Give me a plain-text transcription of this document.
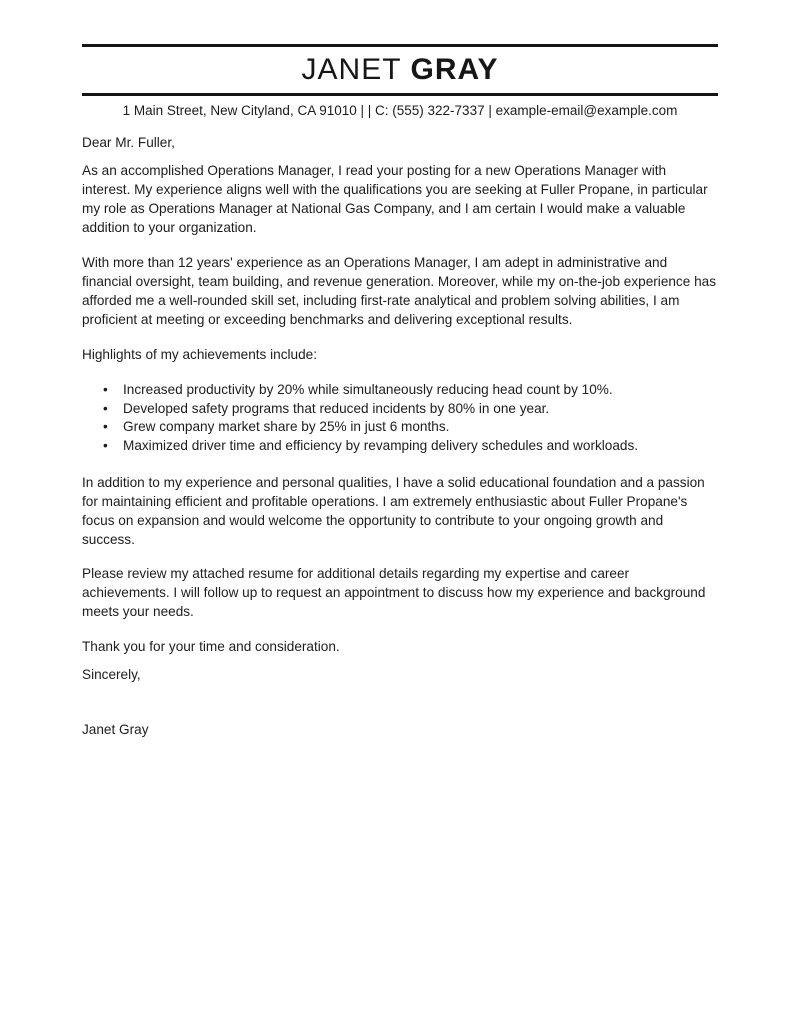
JANET GRAY
1 Main Street, New Cityland, CA 91010 | | C: (555) 322-7337 | example-email@example.com

Dear Mr. Fuller,

As an accomplished Operations Manager, I read your posting for a new Operations Manager with interest. My experience aligns well with the qualifications you are seeking at Fuller Propane, in particular my role as Operations Manager at National Gas Company, and I am certain I would make a valuable addition to your organization.

With more than 12 years' experience as an Operations Manager, I am adept in administrative and financial oversight, team building, and revenue generation. Moreover, while my on-the-job experience has afforded me a well-rounded skill set, including first-rate analytical and problem solving abilities, I am proficient at meeting or exceeding benchmarks and delivering exceptional results.

Highlights of my achievements include:

•	Increased productivity by 20% while simultaneously reducing head count by 10%.
•	Developed safety programs that reduced incidents by 80% in one year.
•	Grew company market share by 25% in just 6 months.
•	Maximized driver time and efficiency by revamping delivery schedules and workloads.

In addition to my experience and personal qualities, I have a solid educational foundation and a passion for maintaining efficient and profitable operations. I am extremely enthusiastic about Fuller Propane's focus on expansion and would welcome the opportunity to contribute to your ongoing growth and success.

Please review my attached resume for additional details regarding my expertise and career achievements. I will follow up to request an appointment to discuss how my experience and background meets your needs.

Thank you for your time and consideration.

Sincerely,

Janet Gray
